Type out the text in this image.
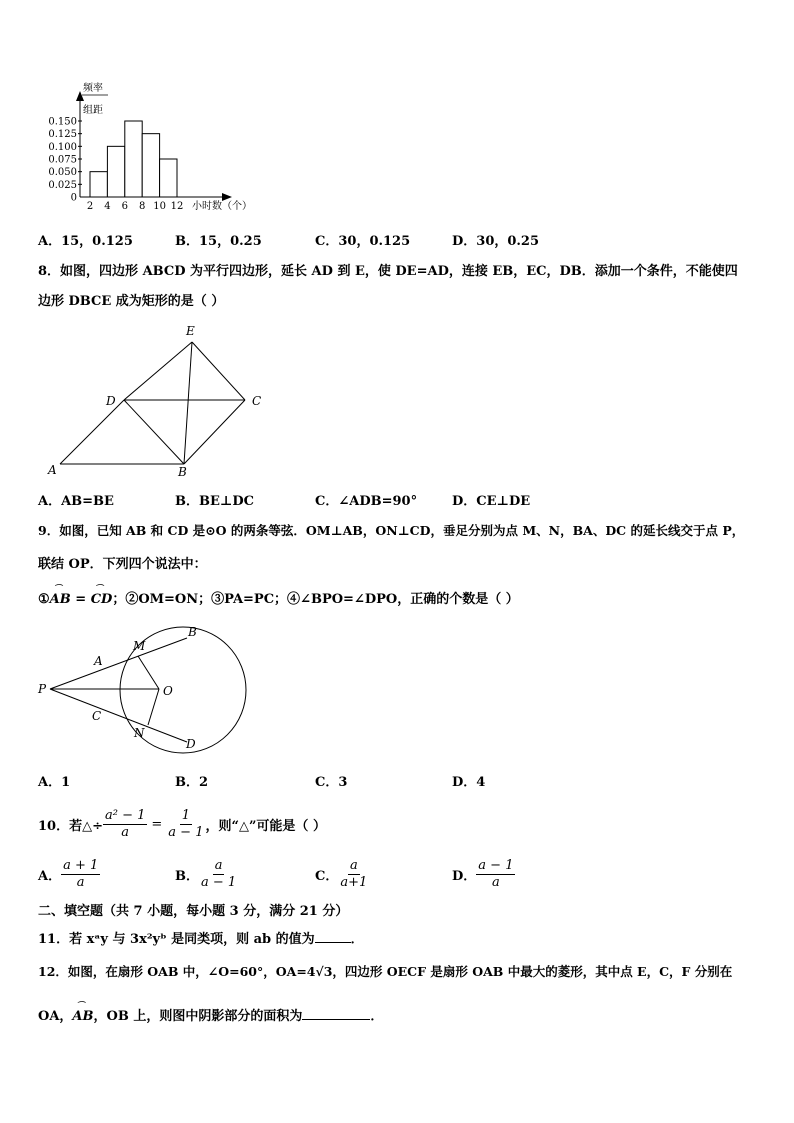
频率
组距
0.150
0.125
0.100
0.075
0.050
0.025
0
2 4 6 8 10 12 小时数（个）
A．15，0.125	B．15，0.25	C．30，0.125	D．30，0.25
8．如图，四边形 ABCD 为平行四边形，延长 AD 到 E，使 DE=AD，连接 EB，EC，DB．添加一个条件，不能使四
边形 DBCE 成为矩形的是（ ）
E
D	C
A	B
A．AB=BE	B．BE⊥DC	C．∠ADB=90°	D．CE⊥DE
9．如图，已知 AB 和 CD 是⊙O 的两条等弦．OM⊥AB，ON⊥CD，垂足分别为点 M、N，BA、DC 的延长线交于点 P，
联结 OP．下列四个说法中：
①
⌒
AB =
⌒
CD；②OM=ON；③PA=PC；④∠BPO=∠DPO，正确的个数是（ ）
P
A
M
B
O
C
N
D
A．1	B．2	C．3	D．4
10．若△÷ $\frac{\text{a² − 1}}{a} = \frac{1}{a - 1}$ ，则“△”可能是（ ）
A． $\frac{a + 1}{a}$	B． $\frac{a}{a - 1}$	C． $\frac{a}{a+1}$	D． $\frac{a - 1}{a}$
二、填空题（共 7 小题，每小题 3 分，满分 21 分）
11．若 xᵃy 与 3x²yᵇ 是同类项，则 ab 的值为	．
12．如图，在扇形 OAB 中，∠O=60°，OA=4√3，四边形 OECF 是扇形 OAB 中最大的菱形，其中点 E，C，F 分别在
OA，
⌒
AB，OB 上，则图中阴影部分的面积为	．
